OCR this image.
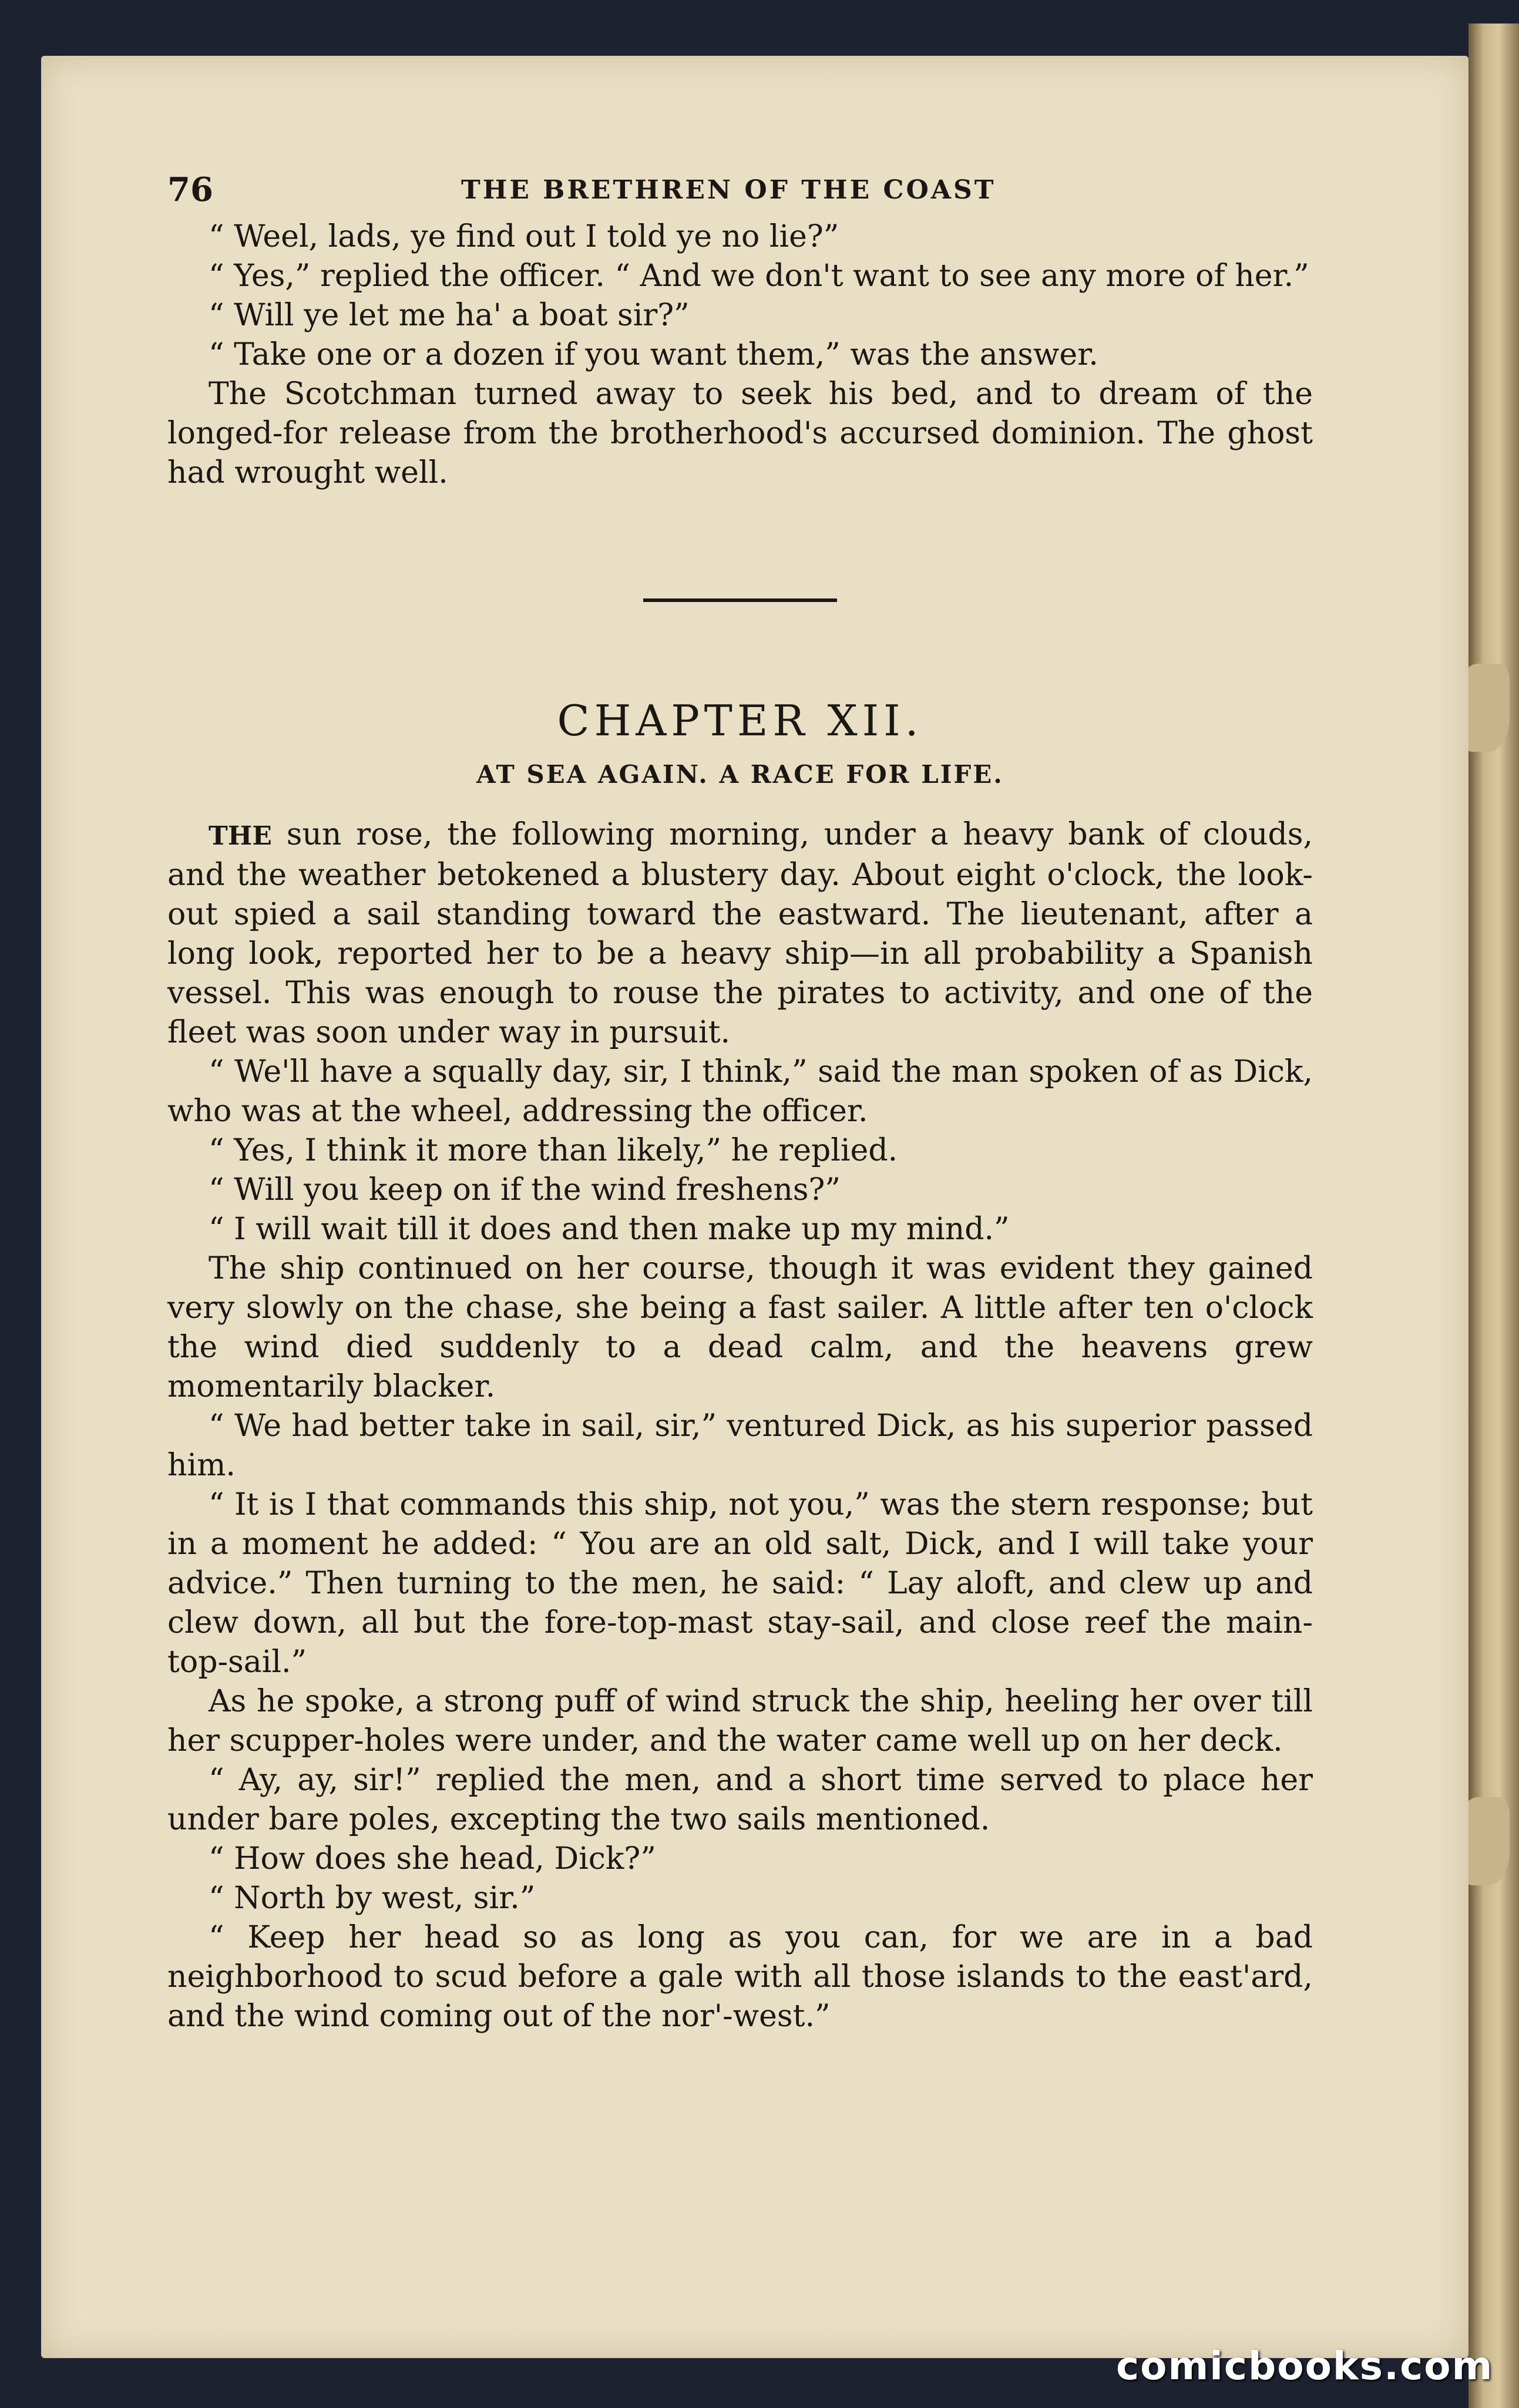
76	THE BRETHREN OF THE COAST

“ Weel, lads, ye find out I told ye no lie?”

“ Yes,” replied the officer. “ And we don't want to see any more of her.”

“ Will ye let me ha' a boat sir?”

“ Take one or a dozen if you want them,” was the answer.

The Scotchman turned away to seek his bed, and to dream of the longed-for release from the brotherhood's accursed dominion. The ghost had wrought well.

CHAPTER XII.
AT SEA AGAIN. A RACE FOR LIFE.

THE sun rose, the following morning, under a heavy bank of clouds, and the weather betokened a blustery day. About eight o'clock, the look-out spied a sail standing toward the eastward. The lieutenant, after a long look, reported her to be a heavy ship—in all probability a Spanish vessel. This was enough to rouse the pirates to activity, and one of the fleet was soon under way in pursuit.

“ We'll have a squally day, sir, I think,” said the man spoken of as Dick, who was at the wheel, addressing the officer.

“ Yes, I think it more than likely,” he replied.

“ Will you keep on if the wind freshens?”

“ I will wait till it does and then make up my mind.”

The ship continued on her course, though it was evident they gained very slowly on the chase, she being a fast sailer. A little after ten o'clock the wind died suddenly to a dead calm, and the heavens grew momentarily blacker.

“ We had better take in sail, sir,” ventured Dick, as his superior passed him.

“ It is I that commands this ship, not you,” was the stern response; but in a moment he added: “ You are an old salt, Dick, and I will take your advice.” Then turning to the men, he said: “ Lay aloft, and clew up and clew down, all but the fore-top-mast stay-sail, and close reef the main-top-sail.”

As he spoke, a strong puff of wind struck the ship, heeling her over till her scupper-holes were under, and the water came well up on her deck.

“ Ay, ay, sir!” replied the men, and a short time served to place her under bare poles, excepting the two sails mentioned.

“ How does she head, Dick?”

“ North by west, sir.”

“ Keep her head so as long as you can, for we are in a bad neighborhood to scud before a gale with all those islands to the east'ard, and the wind coming out of the nor'-west.”

comicbooks.com
